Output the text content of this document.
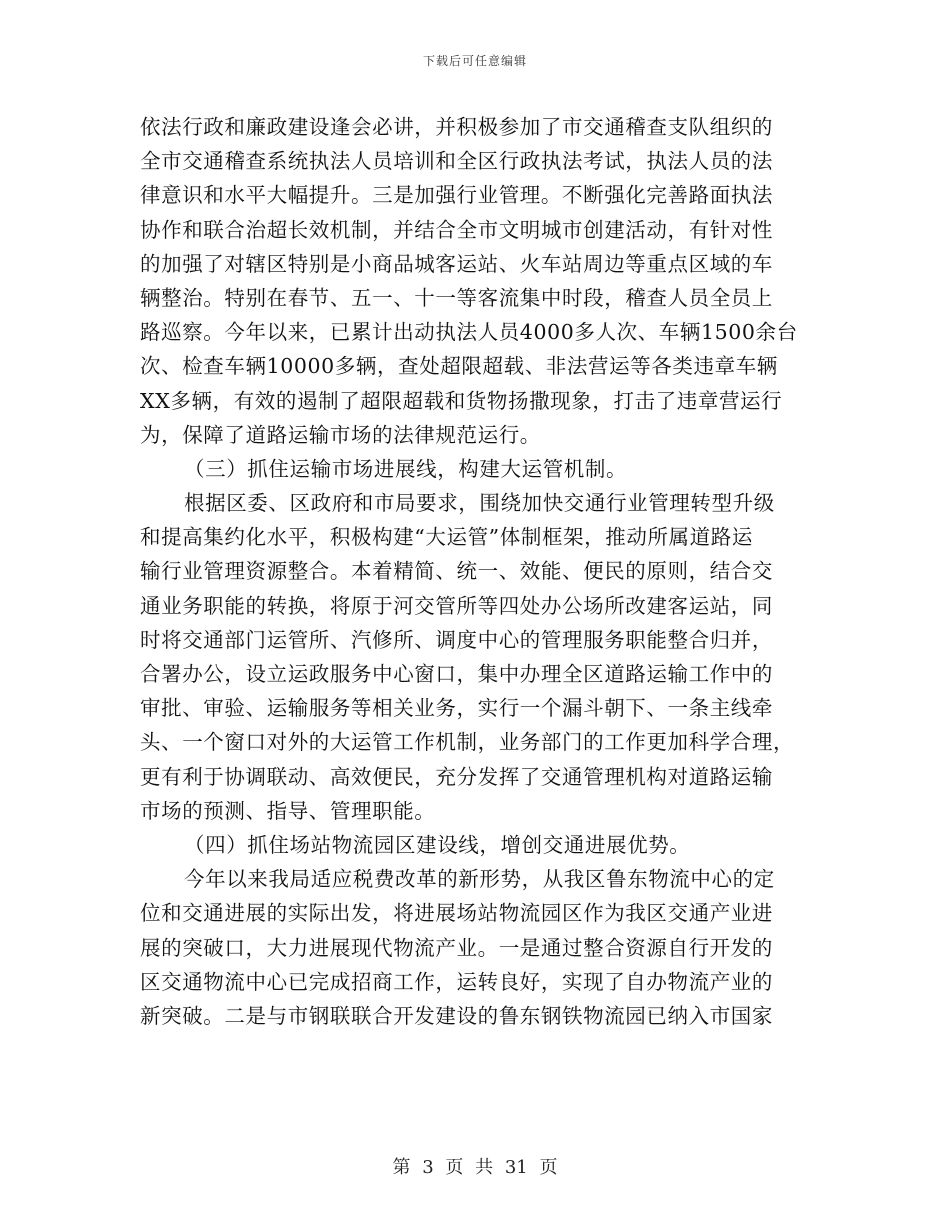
下载后可任意编辑
依法行政和廉政建设逢会必讲，并积极参加了市交通稽查支队组织的
全市交通稽查系统执法人员培训和全区行政执法考试，执法人员的法
律意识和水平大幅提升。三是加强行业管理。不断强化完善路面执法
协作和联合治超长效机制，并结合全市文明城市创建活动，有针对性
的加强了对辖区特别是小商品城客运站、火车站周边等重点区域的车
辆整治。特别在春节、五一、十一等客流集中时段，稽查人员全员上
路巡察。今年以来，已累计出动执法人员4000多人次、车辆1500余台
次、检查车辆10000多辆，查处超限超载、非法营运等各类违章车辆
XX多辆，有效的遏制了超限超载和货物扬撒现象，打击了违章营运行
为，保障了道路运输市场的法律规范运行。
（三）抓住运输市场进展线，构建大运管机制。
根据区委、区政府和市局要求，围绕加快交通行业管理转型升级
和提高集约化水平，积极构建“大运管”体制框架，推动所属道路运
输行业管理资源整合。本着精简、统一、效能、便民的原则，结合交
通业务职能的转换，将原于河交管所等四处办公场所改建客运站，同
时将交通部门运管所、汽修所、调度中心的管理服务职能整合归并，
合署办公，设立运政服务中心窗口，集中办理全区道路运输工作中的
审批、审验、运输服务等相关业务，实行一个漏斗朝下、一条主线牵
头、一个窗口对外的大运管工作机制，业务部门的工作更加科学合理，
更有利于协调联动、高效便民，充分发挥了交通管理机构对道路运输
市场的预测、指导、管理职能。
（四）抓住场站物流园区建设线，增创交通进展优势。
今年以来我局适应税费改革的新形势，从我区鲁东物流中心的定
位和交通进展的实际出发，将进展场站物流园区作为我区交通产业进
展的突破口，大力进展现代物流产业。一是通过整合资源自行开发的
区交通物流中心已完成招商工作，运转良好，实现了自办物流产业的
新突破。二是与市钢联联合开发建设的鲁东钢铁物流园已纳入市国家
第 3 页 共 31 页
